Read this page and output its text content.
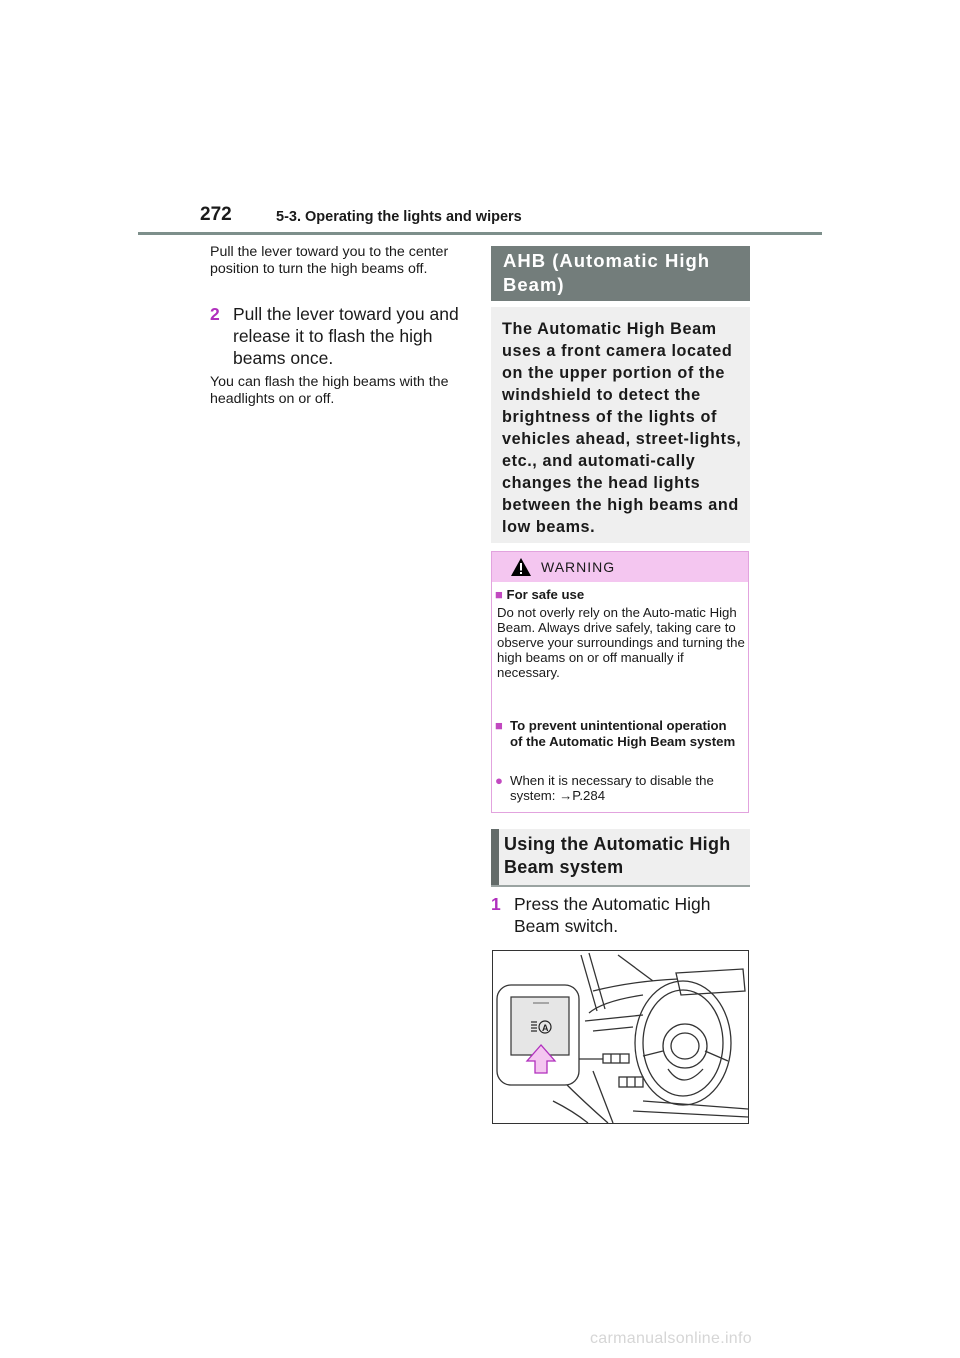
272	5-3. Operating the lights and wipers
Pull the lever toward you to the center position to turn the high beams off.
2 Pull the lever toward you and release it to flash the high beams once.
You can flash the high beams with the headlights on or off.
AHB (Automatic High Beam)
The Automatic High Beam uses a front camera located on the upper portion of the windshield to detect the brightness of the lights of vehicles ahead, street-lights, etc., and automati-cally changes the head lights between the high beams and low beams.
WARNING
■ For safe use
Do not overly rely on the Auto-matic High Beam. Always drive safely, taking care to observe your surroundings and turning the high beams on or off manually if necessary.
■ To prevent unintentional operation of the Automatic High Beam system
● When it is necessary to disable the system: →P.284
Using the Automatic High Beam system
1 Press the Automatic High Beam switch.
A
carmanualsonline.info
